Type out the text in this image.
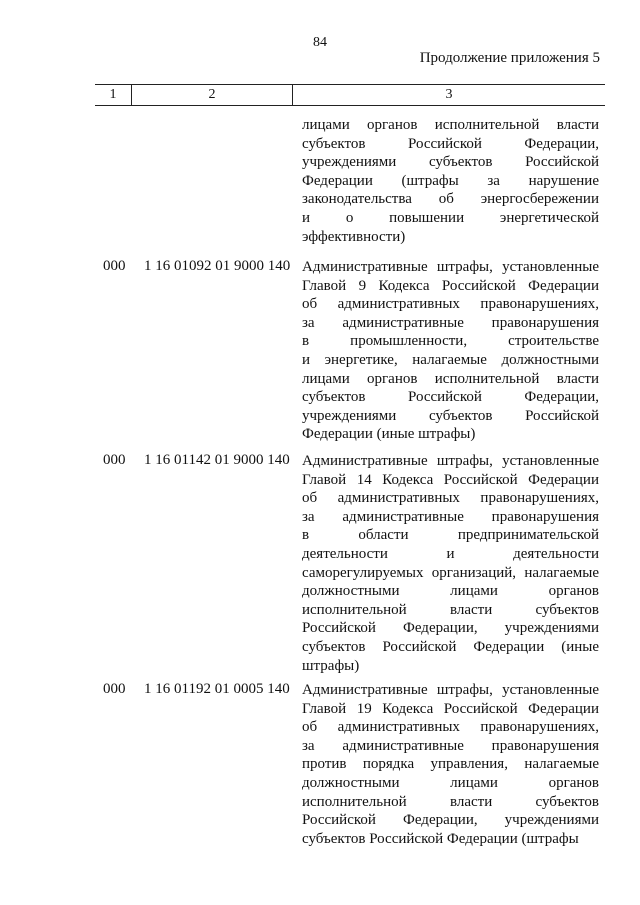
84
Продолжение приложения 5
1	2	3
лицами органов исполнительной власти
субъектов Российской Федерации,
учреждениями субъектов Российской
Федерации (штрафы за нарушение
законодательства об энергосбережении
и о повышении энергетической
эффективности)
000	1 16 01092 01 9000 140 Административные штрафы, установленные
Главой 9 Кодекса Российской Федерации
об административных правонарушениях,
за административные правонарушения
в промышленности, строительстве
и энергетике, налагаемые должностными
лицами органов исполнительной власти
субъектов Российской Федерации,
учреждениями субъектов Российской
Федерации (иные штрафы)
000	1 16 01142 01 9000 140 Административные штрафы, установленные
Главой 14 Кодекса Российской Федерации
об административных правонарушениях,
за административные правонарушения
в области предпринимательской
деятельности и деятельности
саморегулируемых организаций, налагаемые
должностными лицами органов
исполнительной власти субъектов
Российской Федерации, учреждениями
субъектов Российской Федерации (иные
штрафы)
000	1 16 01192 01 0005 140 Административные штрафы, установленные
Главой 19 Кодекса Российской Федерации
об административных правонарушениях,
за административные правонарушения
против порядка управления, налагаемые
должностными лицами органов
исполнительной власти субъектов
Российской Федерации, учреждениями
субъектов Российской Федерации (штрафы
